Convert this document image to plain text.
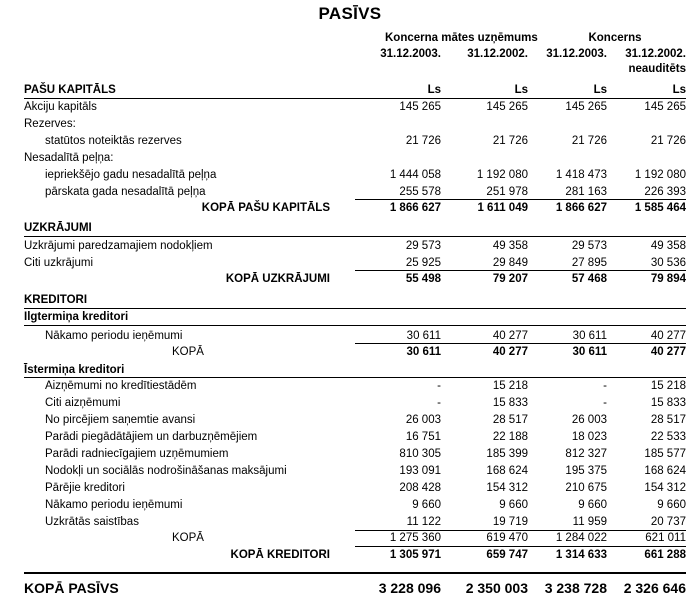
PASĪVS
Koncerna mātes uzņēmums	Koncerns
31.12.2003.	31.12.2002.	31.12.2003.	31.12.2002.
neauditēts
PAŠU KAPITĀLS	Ls	Ls	Ls	Ls
Akciju kapitāls	145 265	145 265	145 265	145 265
Rezerves:
statūtos noteiktās rezerves	21 726	21 726	21 726	21 726
Nesadalītā peļņa:
iepriekšējo gadu nesadalītā peļņa	1 444 058	1 192 080	1 418 473	1 192 080
pārskata gada nesadalītā peļņa	255 578	251 978	281 163	226 393
KOPĀ PAŠU KAPITĀLS	1 866 627	1 611 049	1 866 627	1 585 464
UZKRĀJUMI
Uzkrājumi paredzamajiem nodokļiem	29 573	49 358	29 573	49 358
Citi uzkrājumi	25 925	29 849	27 895	30 536
KOPĀ UZKRĀJUMI	55 498	79 207	57 468	79 894
KREDITORI
Ilgtermiņa kreditori
Nākamo periodu ieņēmumi	30 611	40 277	30 611	40 277
KOPĀ	30 611	40 277	30 611	40 277
Īstermiņa kreditori
Aizņēmumi no kredītiestādēm	-	15 218	-	15 218
Citi aizņēmumi	-	15 833	-	15 833
No pircējiem saņemtie avansi	26 003	28 517	26 003	28 517
Parādi piegādātājiem un darbuzņēmējiem	16 751	22 188	18 023	22 533
Parādi radniecīgajiem uzņēmumiem	810 305	185 399	812 327	185 577
Nodokļi un sociālās nodrošināšanas maksājumi	193 091	168 624	195 375	168 624
Pārējie kreditori	208 428	154 312	210 675	154 312
Nākamo periodu ieņēmumi	9 660	9 660	9 660	9 660
Uzkrātās saistības	11 122	19 719	11 959	20 737
KOPĀ	1 275 360	619 470	1 284 022	621 011
KOPĀ KREDITORI	1 305 971	659 747	1 314 633	661 288
KOPĀ PASĪVS	3 228 096	2 350 003	3 238 728	2 326 646
